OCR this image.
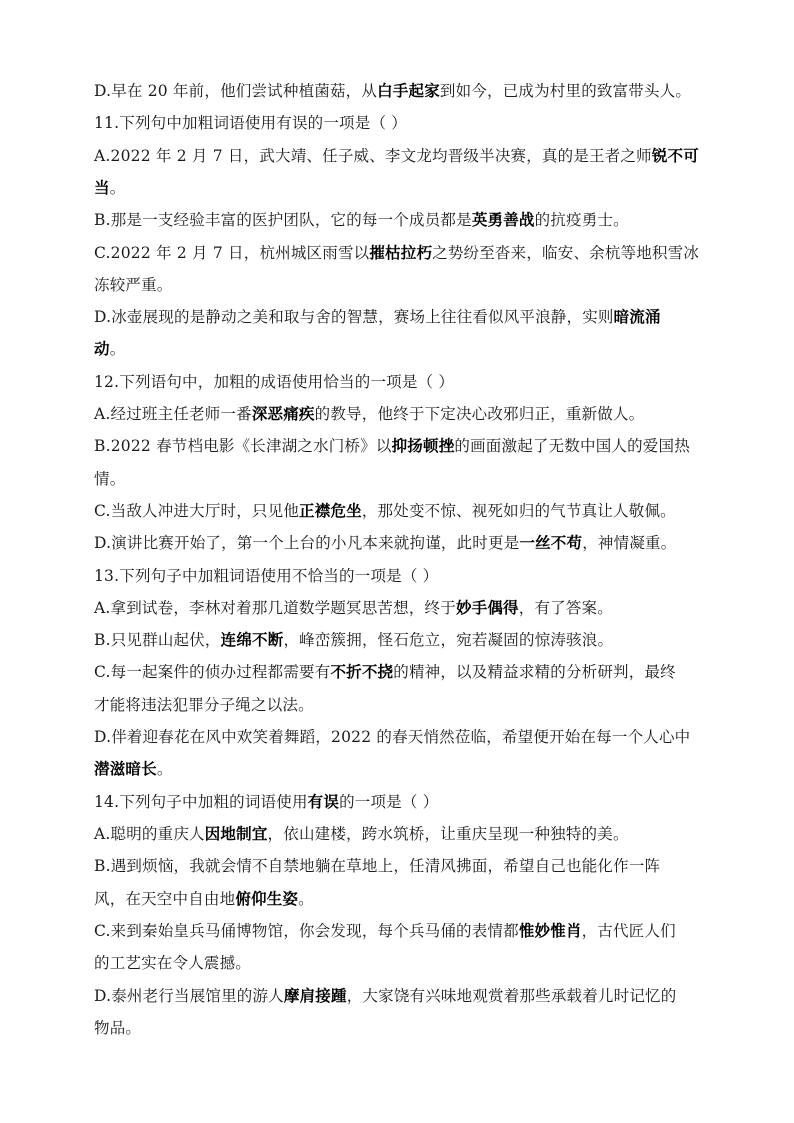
D.早在 20 年前，他们尝试种植菌菇，从白手起家到如今，已成为村里的致富带头人。
11.下列句中加粗词语使用有误的一项是（ ）
A.2022 年 2 月 7 日，武大靖、任子威、李文龙均晋级半决赛，真的是王者之师锐不可
当。
B.那是一支经验丰富的医护团队，它的每一个成员都是英勇善战的抗疫勇士。
C.2022 年 2 月 7 日，杭州城区雨雪以摧枯拉朽之势纷至沓来，临安、余杭等地积雪冰
冻较严重。
D.冰壶展现的是静动之美和取与舍的智慧，赛场上往往看似风平浪静，实则暗流涌
动。
12.下列语句中，加粗的成语使用恰当的一项是（ ）
A.经过班主任老师一番深恶痛疾的教导，他终于下定决心改邪归正，重新做人。
B.2022 春节档电影《长津湖之水门桥》以抑扬顿挫的画面激起了无数中国人的爱国热
情。
C.当敌人冲进大厅时，只见他正襟危坐，那处变不惊、视死如归的气节真让人敬佩。
D.演讲比赛开始了，第一个上台的小凡本来就拘谨，此时更是一丝不苟，神情凝重。
13.下列句子中加粗词语使用不恰当的一项是（ ）
A.拿到试卷，李林对着那几道数学题冥思苦想，终于妙手偶得，有了答案。
B.只见群山起伏，连绵不断，峰峦簇拥，怪石危立，宛若凝固的惊涛骇浪。
C.每一起案件的侦办过程都需要有不折不挠的精神，以及精益求精的分析研判，最终
才能将违法犯罪分子绳之以法。
D.伴着迎春花在风中欢笑着舞蹈，2022 的春天悄然莅临，希望便开始在每一个人心中
潜滋暗长。
14.下列句子中加粗的词语使用有误的一项是（ ）
A.聪明的重庆人因地制宜，依山建楼，跨水筑桥，让重庆呈现一种独特的美。
B.遇到烦恼，我就会情不自禁地躺在草地上，任清风拂面，希望自己也能化作一阵
风，在天空中自由地俯仰生姿。
C.来到秦始皇兵马俑博物馆，你会发现，每个兵马俑的表情都惟妙惟肖，古代匠人们
的工艺实在令人震撼。
D.泰州老行当展馆里的游人摩肩接踵，大家饶有兴味地观赏着那些承载着儿时记忆的
物品。
